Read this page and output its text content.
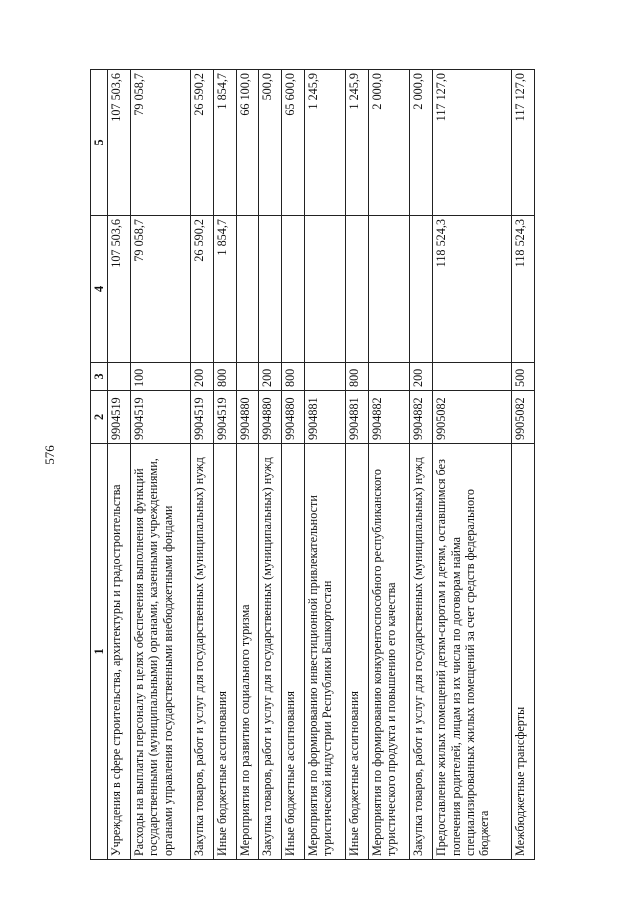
576
1	2	3	4	5
Учреждения в сфере строительства, архитектуры и градостроительства	9904519		107 503,6	107 503,6
Расходы на выплаты персоналу в целях обеспечения выполнения функций государственными (муниципальными) органами, казенными учреждениями, органами управления государственными внебюджетными фондами	9904519	100	79 058,7	79 058,7
Закупка товаров, работ и услуг для государственных (муниципальных) нужд	9904519	200	26 590,2	26 590,2
Иные бюджетные ассигнования	9904519	800	1 854,7	1 854,7
Мероприятия по развитию социального туризма	9904880			66 100,0
Закупка товаров, работ и услуг для государственных (муниципальных) нужд	9904880	200		500,0
Иные бюджетные ассигнования	9904880	800		65 600,0
Мероприятия по формированию инвестиционной привлекательности туристической индустрии Республики Башкортостан	9904881			1 245,9
Иные бюджетные ассигнования	9904881	800		1 245,9
Мероприятия по формированию конкурентоспособного республиканского туристического продукта и повышению его качества	9904882			2 000,0
Закупка товаров, работ и услуг для государственных (муниципальных) нужд	9904882	200		2 000,0
Предоставление жилых помещений детям-сиротам и детям, оставшимся без попечения родителей, лицам из их числа по договорам найма специализированных жилых помещений за счет средств федерального бюджета	9905082		118 524,3	117 127,0
Межбюджетные трансферты	9905082	500	118 524,3	117 127,0
